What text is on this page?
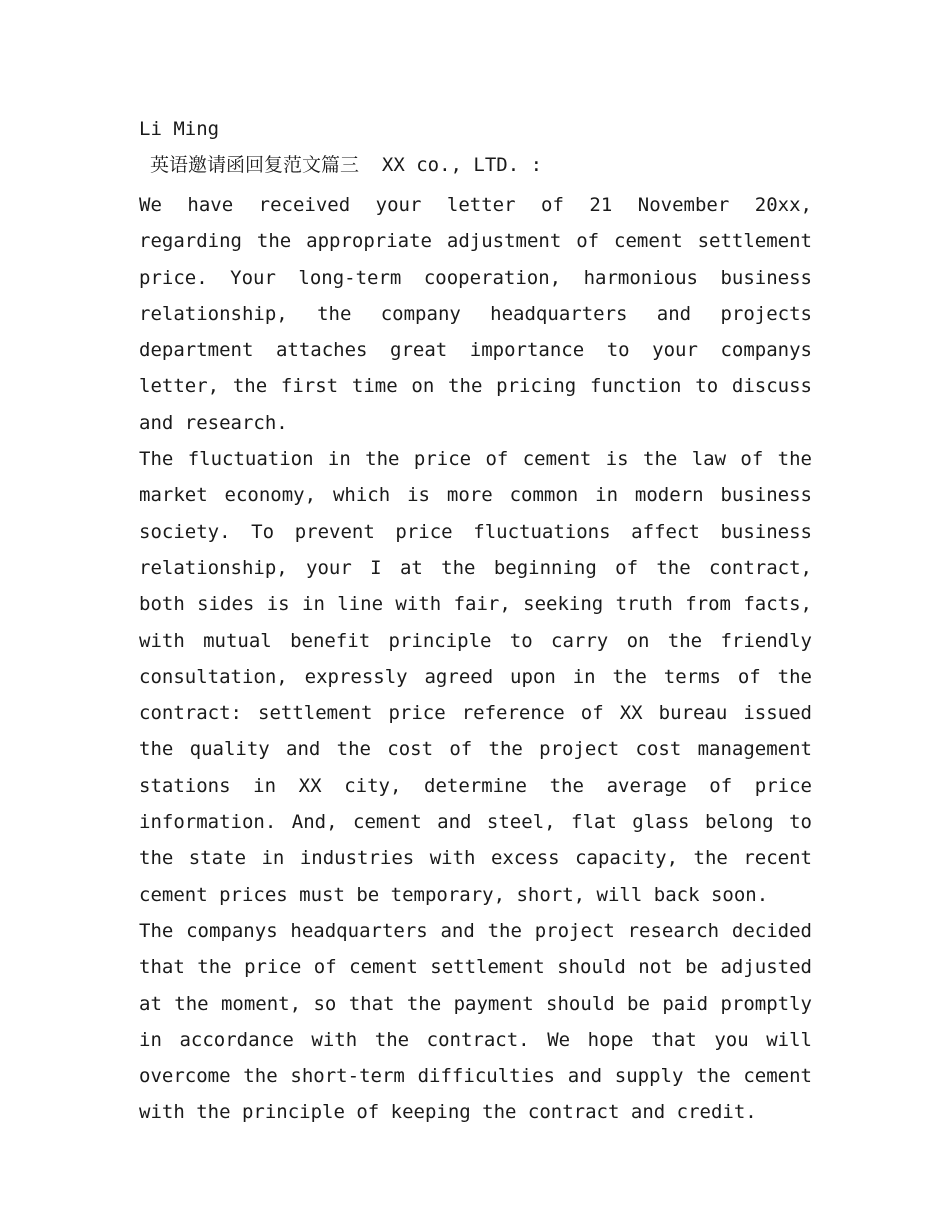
Li Ming
英语邀请函回复范文篇三  XX co., LTD. :

We have received your letter of 21 November 20xx, regarding the appropriate adjustment of cement settlement price. Your long-term cooperation, harmonious business relationship, the company headquarters and projects department attaches great importance to your companys letter, the first time on the pricing function to discuss and research.

The fluctuation in the price of cement is the law of the market economy, which is more common in modern business society. To prevent price fluctuations affect business relationship, your I at the beginning of the contract, both sides is in line with fair, seeking truth from facts, with mutual benefit principle to carry on the friendly consultation, expressly agreed upon in the terms of the contract: settlement price reference of XX bureau issued the quality and the cost of the project cost management stations in XX city, determine the average of price information. And, cement and steel, flat glass belong to the state in industries with excess capacity, the recent cement prices must be temporary, short, will back soon.

The companys headquarters and the project research decided that the price of cement settlement should not be adjusted at the moment, so that the payment should be paid promptly in accordance with the contract. We hope that you will overcome the short-term difficulties and supply the cement with the principle of keeping the contract and credit.
